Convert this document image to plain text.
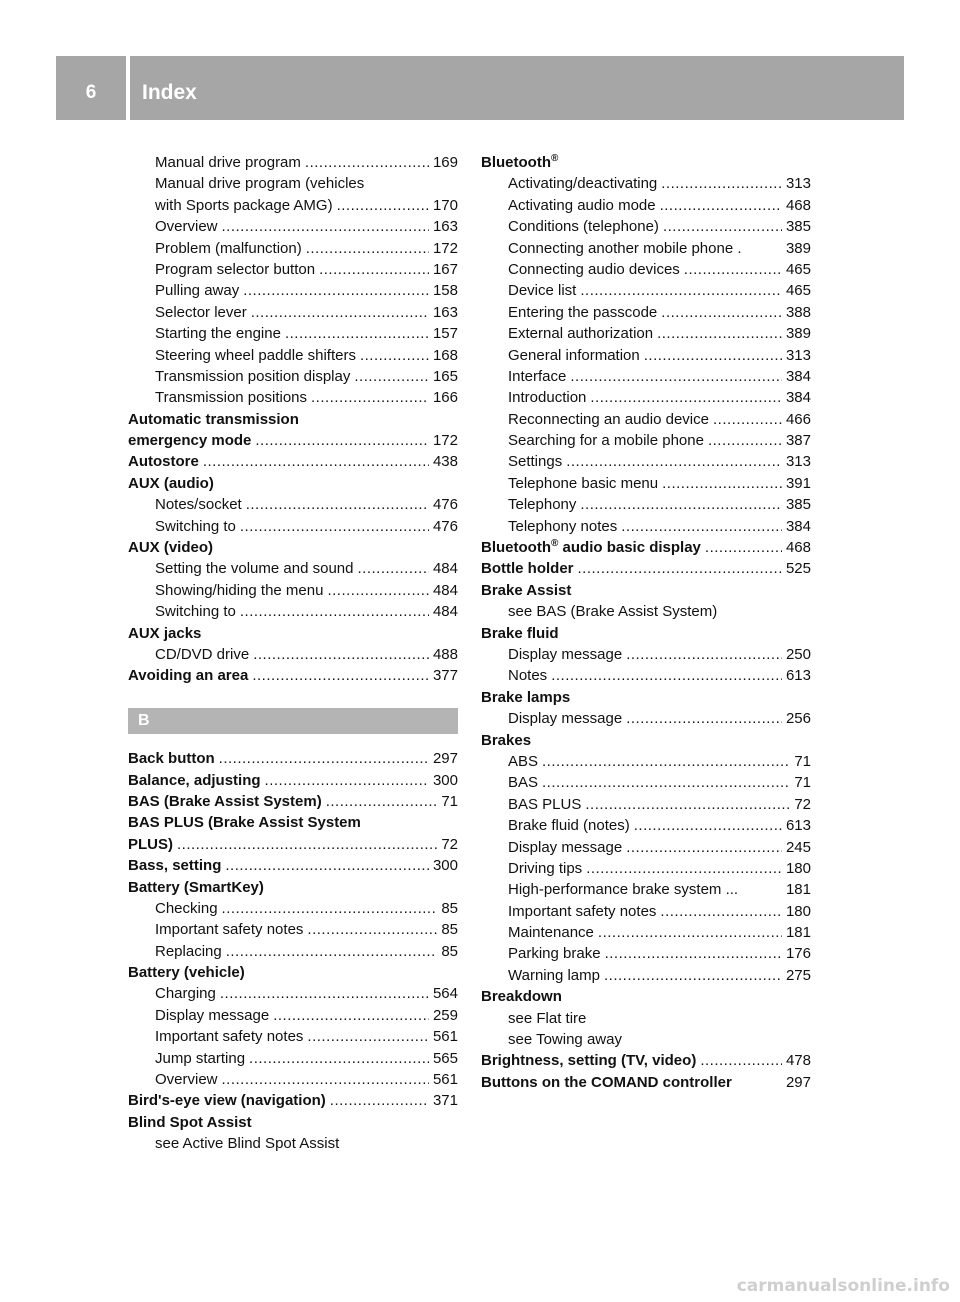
6	Index
Manual drive program .....	169
Manual drive program (vehicles
with Sports package AMG) .....	170
Overview .....	163
Problem (malfunction) .....	172
Program selector button .....	167
Pulling away .....	158
Selector lever .....	163
Starting the engine .....	157
Steering wheel paddle shifters .....	168
Transmission position display .....	165
Transmission positions .....	166
Automatic transmission
emergency mode .....	172
Autostore .....	438
AUX (audio)
Notes/socket .....	476
Switching to .....	476
AUX (video)
Setting the volume and sound .....	484
Showing/hiding the menu .....	484
Switching to .....	484
AUX jacks
CD/DVD drive .....	488
Avoiding an area .....	377
B
Back button .....	297
Balance, adjusting .....	300
BAS (Brake Assist System) .....	71
BAS PLUS (Brake Assist System
PLUS) .....	72
Bass, setting .....	300
Battery (SmartKey)
Checking .....	85
Important safety notes .....	85
Replacing .....	85
Battery (vehicle)
Charging .....	564
Display message .....	259
Important safety notes .....	561
Jump starting .....	565
Overview .....	561
Bird's-eye view (navigation) .....	371
Blind Spot Assist
see Active Blind Spot Assist
Bluetooth®
Activating/deactivating .....	313
Activating audio mode .....	468
Conditions (telephone) .....	385
Connecting another mobile phone .	389
Connecting audio devices .....	465
Device list .....	465
Entering the passcode .....	388
External authorization .....	389
General information .....	313
Interface .....	384
Introduction .....	384
Reconnecting an audio device .....	466
Searching for a mobile phone .....	387
Settings .....	313
Telephone basic menu .....	391
Telephony .....	385
Telephony notes .....	384
Bluetooth® audio basic display .....	468
Bottle holder .....	525
Brake Assist
see BAS (Brake Assist System)
Brake fluid
Display message .....	250
Notes .....	613
Brake lamps
Display message .....	256
Brakes
ABS .....	71
BAS .....	71
BAS PLUS .....	72
Brake fluid (notes) .....	613
Display message .....	245
Driving tips .....	180
High-performance brake system ...	181
Important safety notes .....	180
Maintenance .....	181
Parking brake .....	176
Warning lamp .....	275
Breakdown
see Flat tire
see Towing away
Brightness, setting (TV, video) .....	478
Buttons on the COMAND controller	297
carmanualsonline.info
